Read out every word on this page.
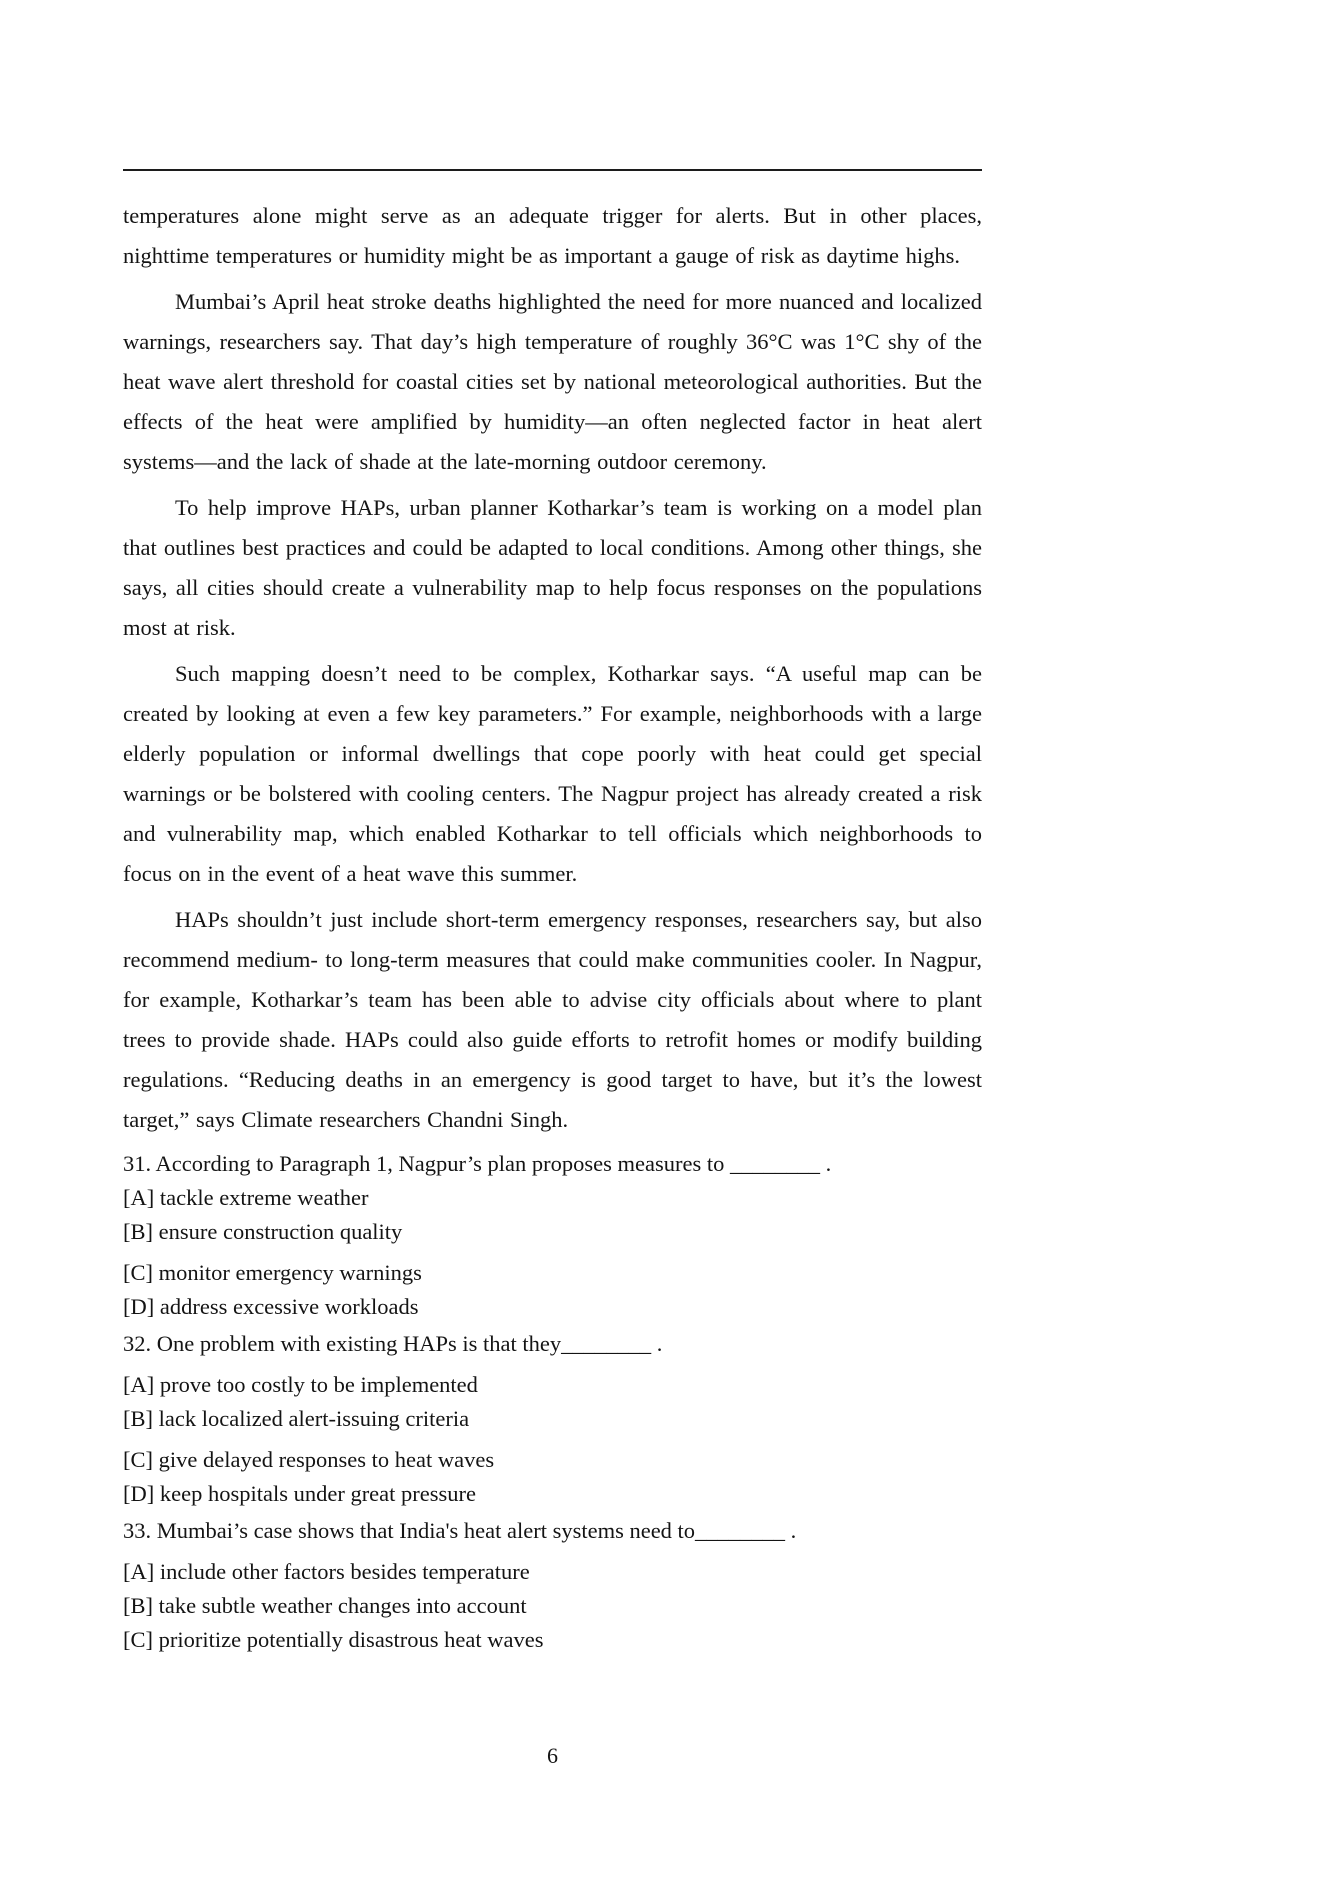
temperatures alone might serve as an adequate trigger for alerts. But in other places, nighttime temperatures or humidity might be as important a gauge of risk as daytime highs.

Mumbai’s April heat stroke deaths highlighted the need for more nuanced and localized warnings, researchers say. That day’s high temperature of roughly 36°C was 1°C shy of the heat wave alert threshold for coastal cities set by national meteorological authorities. But the effects of the heat were amplified by humidity—an often neglected factor in heat alert systems—and the lack of shade at the late-morning outdoor ceremony.

To help improve HAPs, urban planner Kotharkar’s team is working on a model plan that outlines best practices and could be adapted to local conditions. Among other things, she says, all cities should create a vulnerability map to help focus responses on the populations most at risk.

Such mapping doesn’t need to be complex, Kotharkar says. “A useful map can be created by looking at even a few key parameters.” For example, neighborhoods with a large elderly population or informal dwellings that cope poorly with heat could get special warnings or be bolstered with cooling centers. The Nagpur project has already created a risk and vulnerability map, which enabled Kotharkar to tell officials which neighborhoods to focus on in the event of a heat wave this summer.

HAPs shouldn’t just include short-term emergency responses, researchers say, but also recommend medium- to long-term measures that could make communities cooler. In Nagpur, for example, Kotharkar’s team has been able to advise city officials about where to plant trees to provide shade. HAPs could also guide efforts to retrofit homes or modify building regulations. “Reducing deaths in an emergency is good target to have, but it’s the lowest target,” says Climate researchers Chandni Singh.

31. According to Paragraph 1, Nagpur’s plan proposes measures to ________ .

[A] tackle extreme weather

[B] ensure construction quality

[C] monitor emergency warnings

[D] address excessive workloads

32. One problem with existing HAPs is that they________ .

[A] prove too costly to be implemented

[B] lack localized alert-issuing criteria

[C] give delayed responses to heat waves

[D] keep hospitals under great pressure

33. Mumbai’s case shows that India's heat alert systems need to________ .

[A] include other factors besides temperature

[B] take subtle weather changes into account

[C] prioritize potentially disastrous heat waves

6
